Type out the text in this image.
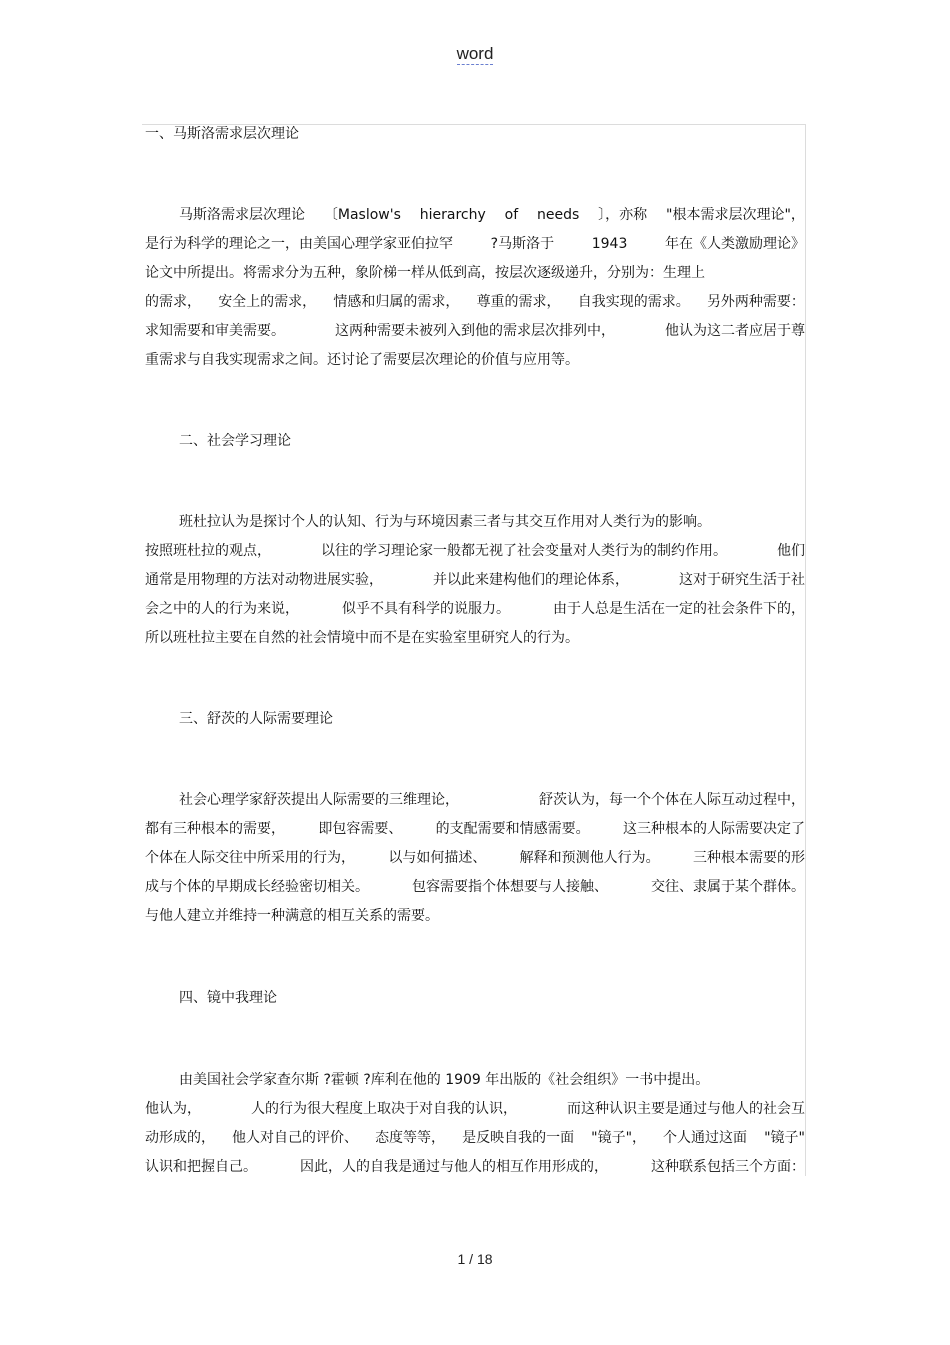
word
一、马斯洛需求层次理论
马斯洛需求层次理论 〔Maslow's hierarchy of needs 〕，亦称 "根本需求层次理论"，
是行为科学的理论之一，由美国心理学家亚伯拉罕	?马斯洛于	1943	年在《人类激励理论》
论文中所提出。将需求分为五种，象阶梯一样从低到高，按层次逐级递升，分别为：生理上
的需求， 安全上的需求， 情感和归属的需求， 尊重的需求， 自我实现的需求。 另外两种需要：
求知需要和审美需要。	这两种需要未被列入到他的需求层次排列中，	他认为这二者应居于尊
重需求与自我实现需求之间。还讨论了需要层次理论的价值与应用等。
二、社会学习理论
班杜拉认为是探讨个人的认知、行为与环境因素三者与其交互作用对人类行为的影响。
按照班杜拉的观点，	以往的学习理论家一般都无视了社会变量对人类行为的制约作用。	他们
通常是用物理的方法对动物进展实验，	并以此来建构他们的理论体系，	这对于研究生活于社
会之中的人的行为来说，	似乎不具有科学的说服力。	由于人总是生活在一定的社会条件下的，
所以班杜拉主要在自然的社会情境中而不是在实验室里研究人的行为。
三、舒茨的人际需要理论
社会心理学家舒茨提出人际需要的三维理论，	舒茨认为，每一个个体在人际互动过程中，
都有三种根本的需要， 即包容需要、 的支配需要和情感需要。 这三种根本的人际需要决定了
个体在人际交往中所采用的行为， 以与如何描述、 解释和预测他人行为。 三种根本需要的形
成与个体的早期成长经验密切相关。	包容需要指个体想要与人接触、	交往、隶属于某个群体。
与他人建立并维持一种满意的相互关系的需要。
四、镜中我理论
由美国社会学家查尔斯 ?霍顿 ?库利在他的 1909 年出版的《社会组织》一书中提出。
他认为，	人的行为很大程度上取决于对自我的认识，	而这种认识主要是通过与他人的社会互
动形成的， 他人对自己的评价、 态度等等， 是反映自我的一面 "镜子"， 个人通过这面 "镜子"
认识和把握自己。	因此，人的自我是通过与他人的相互作用形成的，	这种联系包括三个方面：
1 / 18
